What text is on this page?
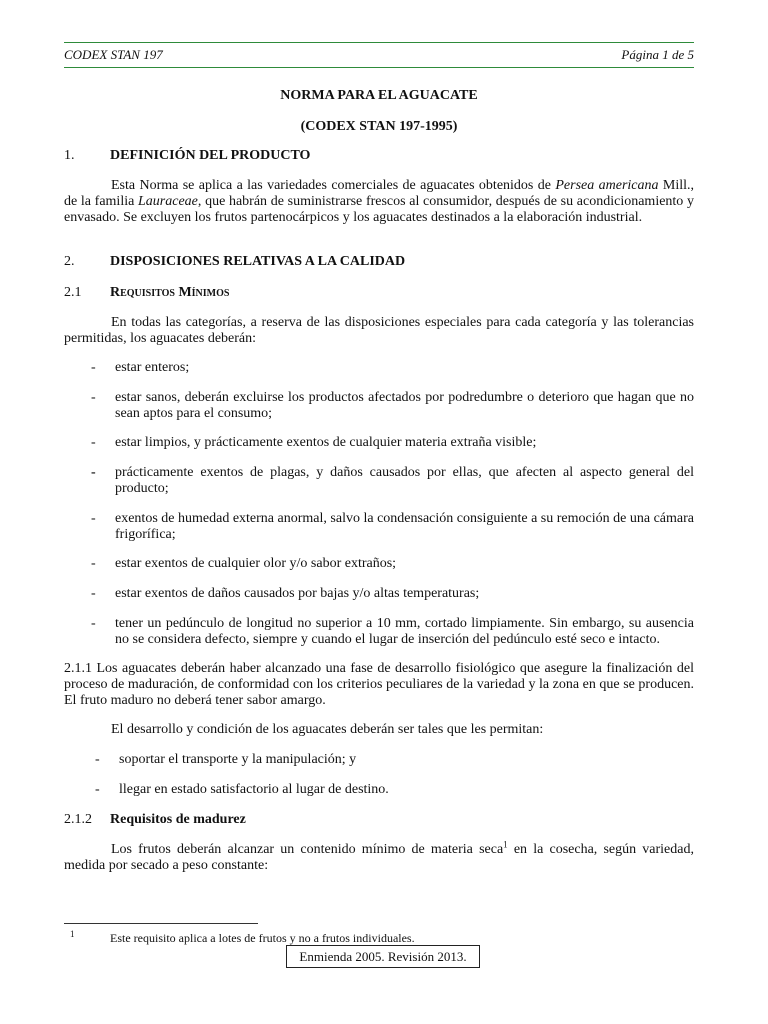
CODEX STAN 197	Página 1 de 5
NORMA PARA EL AGUACATE
(CODEX STAN 197-1995)
1.	DEFINICIÓN DEL PRODUCTO
Esta Norma se aplica a las variedades comerciales de aguacates obtenidos de Persea americana Mill., de la familia Lauraceae, que habrán de suministrarse frescos al consumidor, después de su acondicionamiento y envasado. Se excluyen los frutos partenocárpicos y los aguacates destinados a la elaboración industrial.
2.	DISPOSICIONES RELATIVAS A LA CALIDAD
2.1 Requisitos Mínimos
En todas las categorías, a reserva de las disposiciones especiales para cada categoría y las tolerancias permitidas, los aguacates deberán:
- estar enteros;
- estar sanos, deberán excluirse los productos afectados por podredumbre o deterioro que hagan que no sean aptos para el consumo;
- estar limpios, y prácticamente exentos de cualquier materia extraña visible;
- prácticamente exentos de plagas, y daños causados por ellas, que afecten al aspecto general del producto;
- exentos de humedad externa anormal, salvo la condensación consiguiente a su remoción de una cámara frigorífica;
- estar exentos de cualquier olor y/o sabor extraños;
- estar exentos de daños causados por bajas y/o altas temperaturas;
- tener un pedúnculo de longitud no superior a 10 mm, cortado limpiamente. Sin embargo, su ausencia no se considera defecto, siempre y cuando el lugar de inserción del pedúnculo esté seco e intacto.
2.1.1 Los aguacates deberán haber alcanzado una fase de desarrollo fisiológico que asegure la finalización del proceso de maduración, de conformidad con los criterios peculiares de la variedad y la zona en que se producen. El fruto maduro no deberá tener sabor amargo.
El desarrollo y condición de los aguacates deberán ser tales que les permitan:
- soportar el transporte y la manipulación; y
- llegar en estado satisfactorio al lugar de destino.
2.1.2 Requisitos de madurez
Los frutos deberán alcanzar un contenido mínimo de materia seca$^1$ en la cosecha, según variedad, medida por secado a peso constante:
1	Este requisito aplica a lotes de frutos y no a frutos individuales.
Enmienda 2005. Revisión 2013.
